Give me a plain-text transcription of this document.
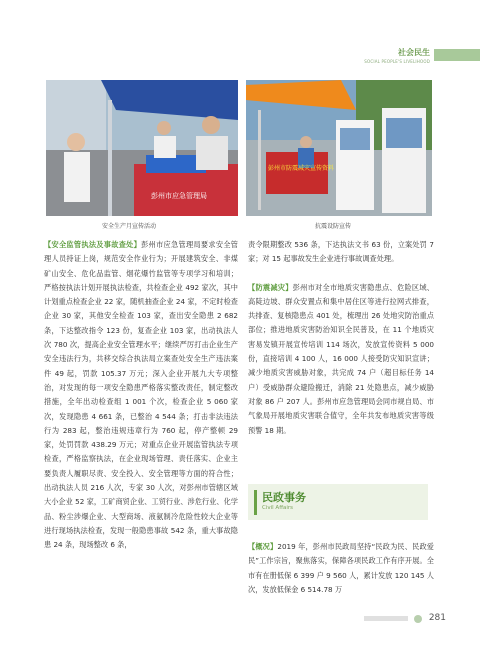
社会民生
SOCIAL PEOPLE'S LIVELIHOOD
彭州市应急管理局
彭州市防震减灾宣传资料
安全生产月宣传活动	抗震设防宣传

【安全监管执法及事故查处】彭州市应急管理局要求安全管理人员持证上岗，规范安全作业行为；开展建筑安全、非煤矿山安全、危化品监管、烟花爆竹监管等专项学习和培训；严格按执法计划开展执法检查，共检查企业 492 家次，其中计划重点检查企业 22 家，随机抽查企业 24 家，不定时检查企业 30 家，其他安全检查 103 家，查出安全隐患 2 682 条，下达整改指令 123 份，复查企业 103 家，出动执法人次 780 次，提高企业安全管理水平；继续严厉打击企业生产安全违法行为，共移交综合执法局立案查处安全生产违法案件 49 起，罚款 105.37 万元；深入企业开展九大专项整治，对发现的每一项安全隐患严格落实整改责任，制定整改措施，全年出动检查组 1 001 个次，检查企业 5 060 家次，发现隐患 4 661 条，已整治 4 544 条；打击非法违法行为 283 起，整治违规违章行为 760 起，停产整顿 29 家，处罚罚款 438.29 万元；对重点企业开展监管执法专项检查，严格监察执法，在企业现场管理、责任落实、企业主要负责人履职尽责、安全投入、安全管理等方面的符合性；出动执法人员 216 人次，专家 30 人次，对彭州市管辖区域大小企业 52 家，工矿商贸企业、工贸行业、涉危行业、化学品、粉尘涉爆企业、大型商场、液氨制冷危险性较大企业等进行现场执法检查，发现一般隐患事故 542 条，重大事故隐患 24 条，现场整改 6 条，

责令限期整改 536 条，下达执法文书 63 份，立案处罚 7 家；对 15 起事故发生企业进行事故调查处理。

【防震减灾】彭州市对全市地质灾害隐患点、危险区域、高陡边坡、群众安置点和集中居住区等进行拉网式排查，共排查、复核隐患点 401 处，梳理出 26 处地灾防治重点部位；推进地质灾害防治知识全民普及，在 11 个地质灾害易发镇开展宣传培训 114 场次，发放宣传资料 5 000 份，直接培训 4 100 人，16 000 人接受防灾知识宣讲；减少地质灾害威胁对象，共完成 74 户（超目标任务 14 户）受威胁群众避险搬迁，消除 21 处隐患点，减少威胁对象 86 户 207 人。彭州市应急管理局会同市规自局、市气象局开展地质灾害联合值守，全年共发布地质灾害等级预警 18 期。

民政事务
Civil Affairs

【概况】2019 年，彭州市民政局坚持“民政为民、民政爱民”工作宗旨，聚焦落实，保障各项民政工作有序开展。全市有在册低保 6 399 户 9 560 人，累计发放 120 145 人次，发放低保金 6 514.78 万

281
